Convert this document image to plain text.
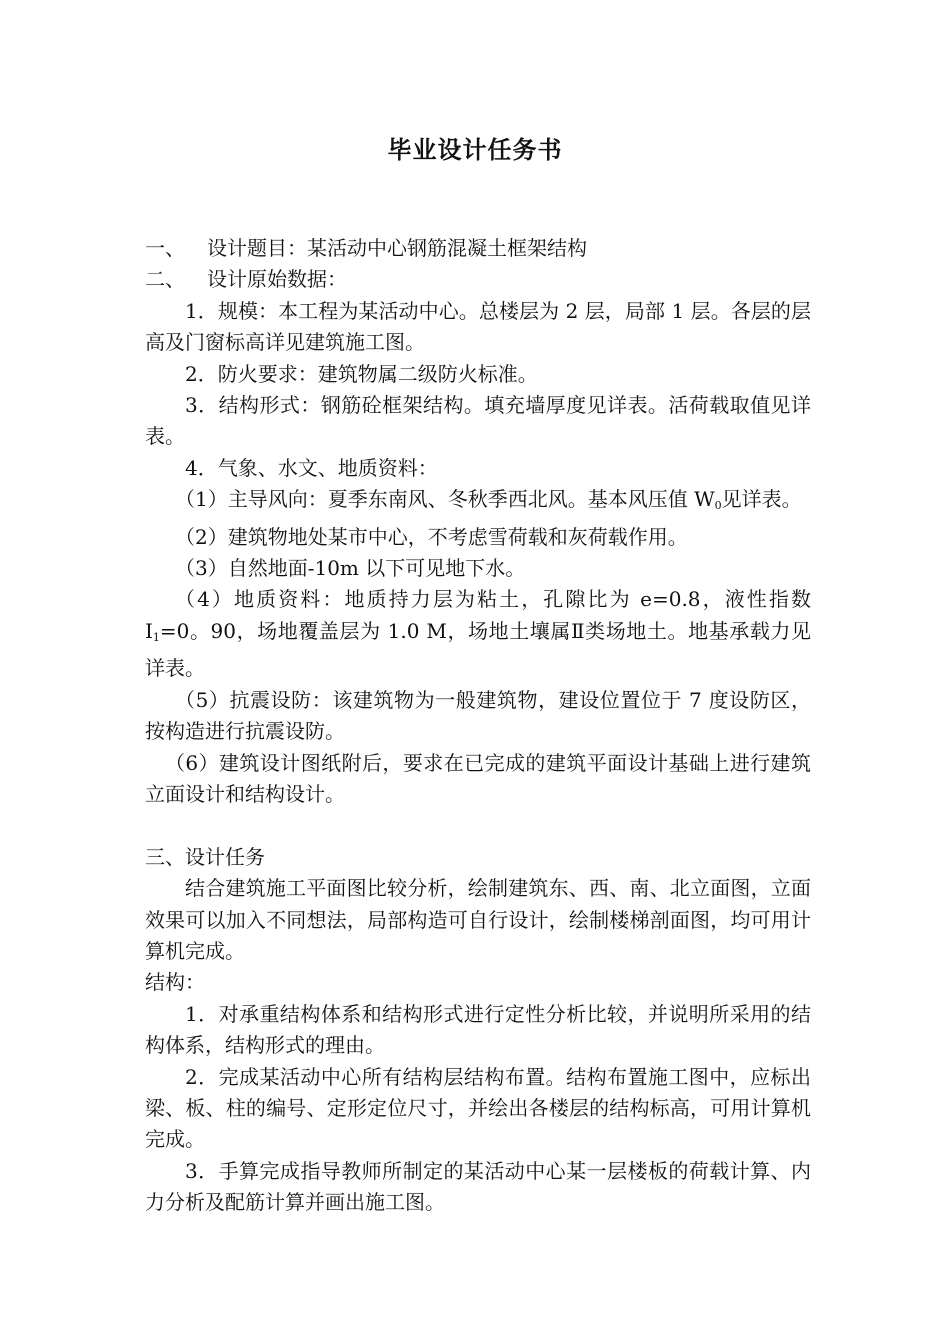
毕业设计任务书

一、 设计题目：某活动中心钢筋混凝土框架结构

二、 设计原始数据：

1．规模：本工程为某活动中心。总楼层为 2 层，局部 1 层。各层的层高及门窗标高详见建筑施工图。

2．防火要求：建筑物属二级防火标准。

3．结构形式：钢筋砼框架结构。填充墙厚度见详表。活荷载取值见详表。

4．气象、水文、地质资料：

（1）主导风向：夏季东南风、冬秋季西北风。基本风压值 $W_0$见详表。

（2）建筑物地处某市中心，不考虑雪荷载和灰荷载作用。

（3）自然地面-10m 以下可见地下水。

（4）地质资料：地质持力层为粘土，孔隙比为 e=0.8，液性指数 $I_1=0$。90，场地覆盖层为 1.0 M，场地土壤属Ⅱ类场地土。地基承载力见详表。

（5）抗震设防：该建筑物为一般建筑物，建设位置位于 7 度设防区，按构造进行抗震设防。

（6）建筑设计图纸附后，要求在已完成的建筑平面设计基础上进行建筑立面设计和结构设计。

三、设计任务

结合建筑施工平面图比较分析，绘制建筑东、西、南、北立面图，立面效果可以加入不同想法，局部构造可自行设计，绘制楼梯剖面图，均可用计算机完成。

结构：

1．对承重结构体系和结构形式进行定性分析比较，并说明所采用的结构体系，结构形式的理由。

2．完成某活动中心所有结构层结构布置。结构布置施工图中，应标出梁、板、柱的编号、定形定位尺寸，并绘出各楼层的结构标高，可用计算机完成。

3．手算完成指导教师所制定的某活动中心某一层楼板的荷载计算、内力分析及配筋计算并画出施工图。
